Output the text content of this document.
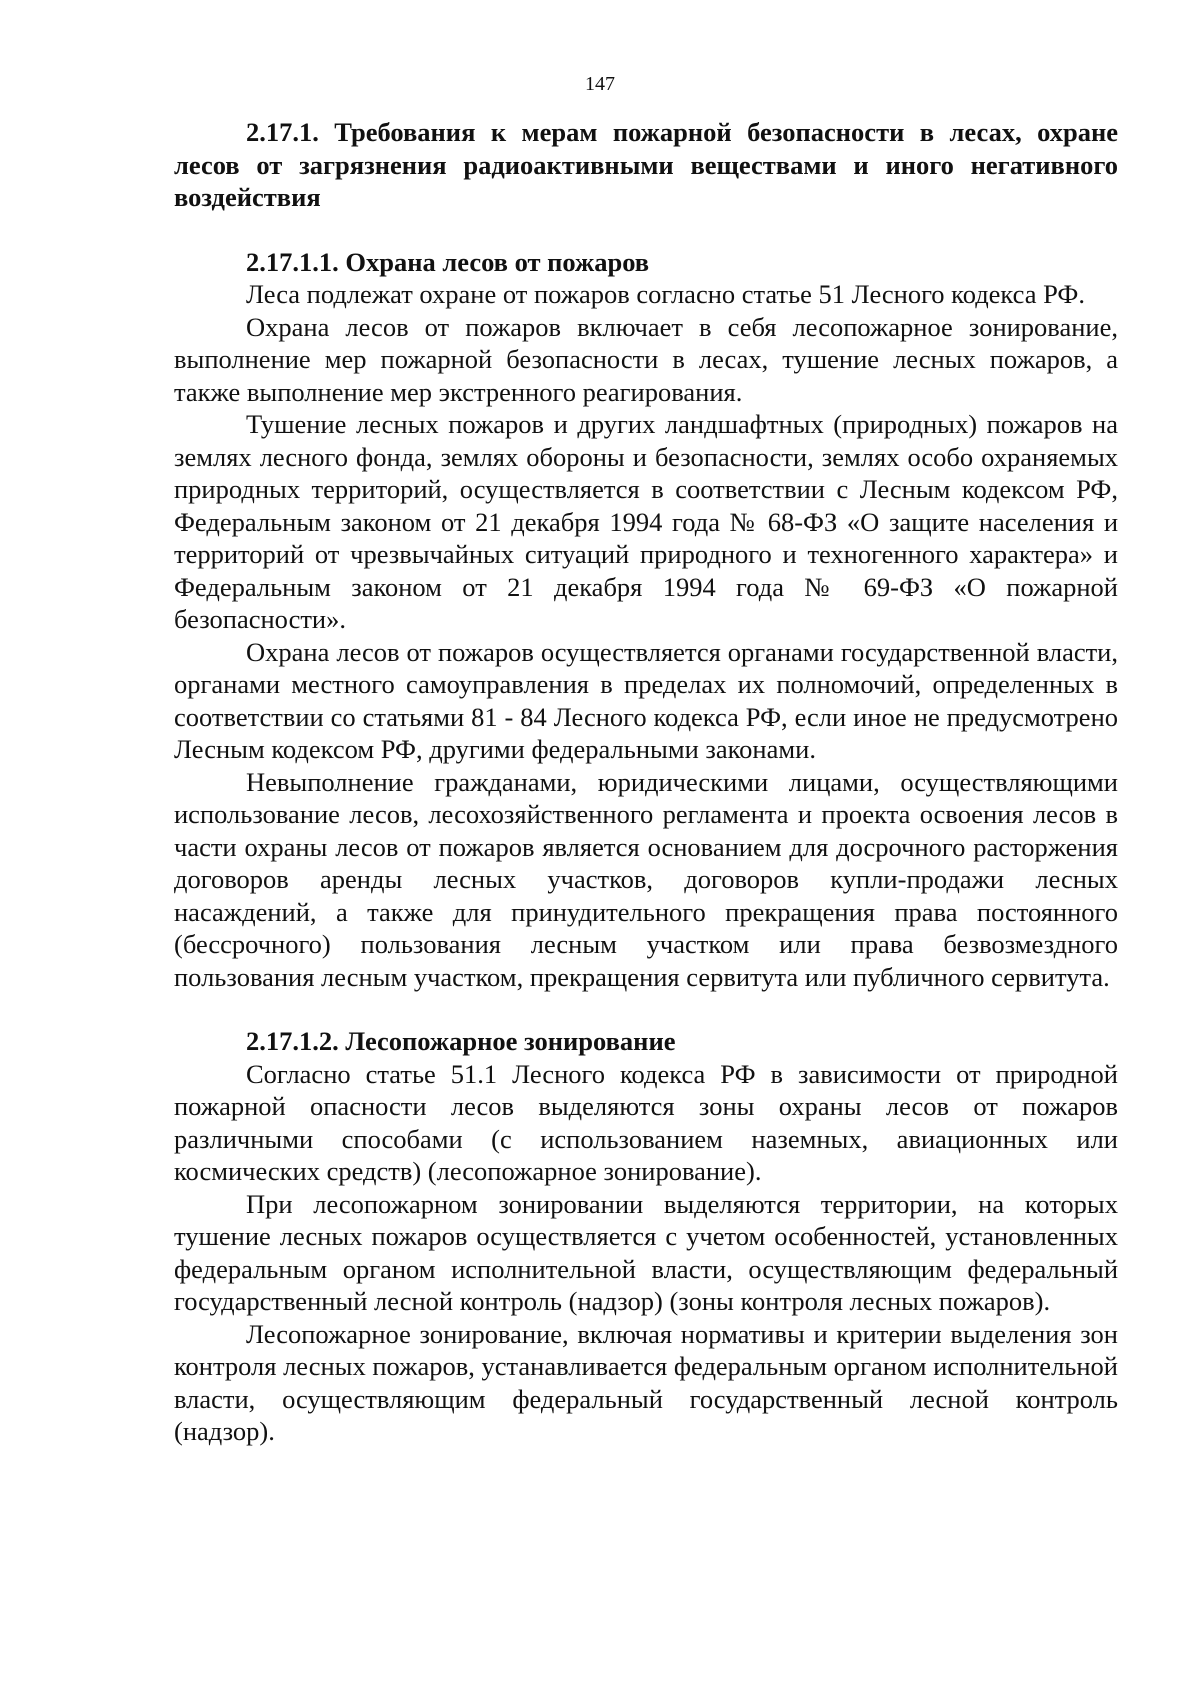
147

2.17.1. Требования к мерам пожарной безопасности в лесах, охране лесов от загрязнения радиоактивными веществами и иного негативного воздействия

2.17.1.1. Охрана лесов от пожаров

Леса подлежат охране от пожаров согласно статье 51 Лесного кодекса РФ.

Охрана лесов от пожаров включает в себя лесопожарное зонирование, выполнение мер пожарной безопасности в лесах, тушение лесных пожаров, а также выполнение мер экстренного реагирования.

Тушение лесных пожаров и других ландшафтных (природных) пожаров на землях лесного фонда, землях обороны и безопасности, землях особо охраняемых природных территорий, осуществляется в соответствии с Лесным кодексом РФ, Федеральным законом от 21 декабря 1994 года № 68-ФЗ «О защите населения и территорий от чрезвычайных ситуаций природного и техногенного характера» и Федеральным законом от 21 декабря 1994 года № 69-ФЗ «О пожарной безопасности».

Охрана лесов от пожаров осуществляется органами государственной власти, органами местного самоуправления в пределах их полномочий, определенных в соответствии со статьями 81 - 84 Лесного кодекса РФ, если иное не предусмотрено Лесным кодексом РФ, другими федеральными законами.

Невыполнение гражданами, юридическими лицами, осуществляющими использование лесов, лесохозяйственного регламента и проекта освоения лесов в части охраны лесов от пожаров является основанием для досрочного расторжения договоров аренды лесных участков, договоров купли-продажи лесных насаждений, а также для принудительного прекращения права постоянного (бессрочного) пользования лесным участком или права безвозмездного пользования лесным участком, прекращения сервитута или публичного сервитута.

2.17.1.2. Лесопожарное зонирование

Согласно статье 51.1 Лесного кодекса РФ в зависимости от природной пожарной опасности лесов выделяются зоны охраны лесов от пожаров различными способами (с использованием наземных, авиационных или космических средств) (лесопожарное зонирование).

При лесопожарном зонировании выделяются территории, на которых тушение лесных пожаров осуществляется с учетом особенностей, установленных федеральным органом исполнительной власти, осуществляющим федеральный государственный лесной контроль (надзор) (зоны контроля лесных пожаров).

Лесопожарное зонирование, включая нормативы и критерии выделения зон контроля лесных пожаров, устанавливается федеральным органом исполнительной власти, осуществляющим федеральный государственный лесной контроль (надзор).
